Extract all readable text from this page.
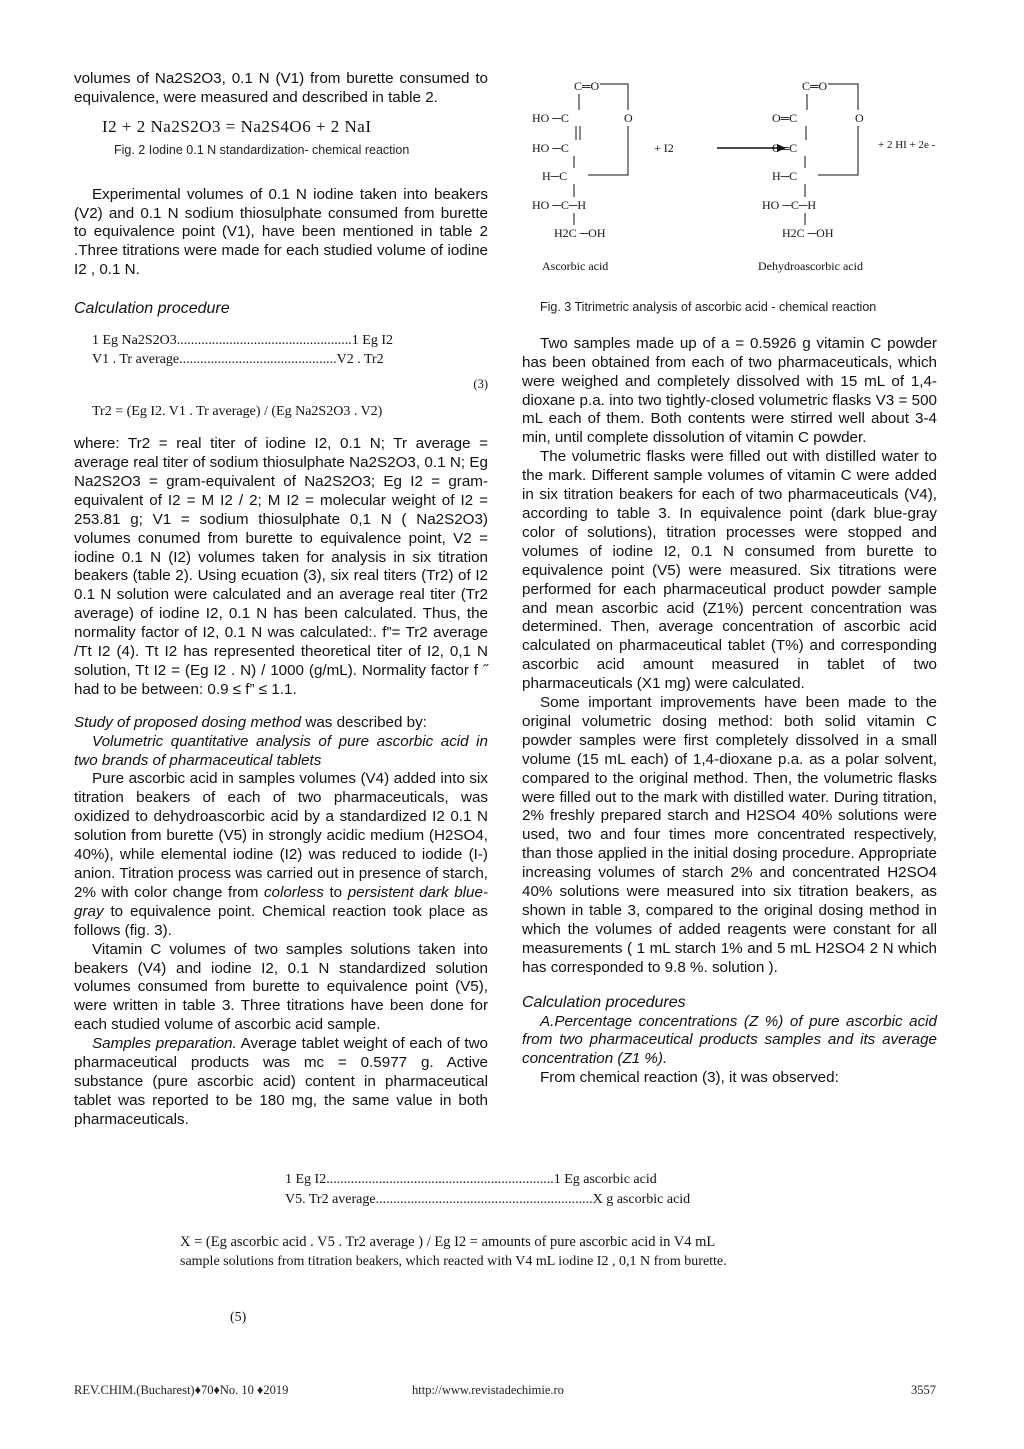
volumes of Na2S2O3, 0.1 N (V1) from burette consumed to equivalence, were measured and described in table 2.

I2 + 2 Na2S2O3 = Na2S4O6 + 2 NaI
Fig. 2 Iodine 0.1 N standardization- chemical reaction

Experimental volumes of 0.1 N iodine taken into beakers (V2) and 0.1 N sodium thiosulphate consumed from burette to equivalence point (V1), have been mentioned in table 2 .Three titrations were made for each studied volume of iodine I2 , 0.1 N.

Calculation procedure
1 Eg Na2S2O3..................................................1 Eg I2
V1 . Tr average.............................................V2 . Tr2
(3)
Tr2 = (Eg I2. V1 . Tr average) / (Eg Na2S2O3 . V2)

where: Tr2 = real titer of iodine I2, 0.1 N; Tr average = average real titer of sodium thiosulphate Na2S2O3, 0.1 N; Eg Na2S2O3 = gram-equivalent of Na2S2O3; Eg I2 = gram-equivalent of I2 = M I2 / 2; M I2 = molecular weight of I2 = 253.81 g; V1 = sodium thiosulphate 0,1 N ( Na2S2O3) volumes conumed from burette to equivalence point, V2 = iodine 0.1 N (I2) volumes taken for analysis in six titration beakers (table 2). Using ecuation (3), six real titers (Tr2) of I2 0.1 N solution were calculated and an average real titer (Tr2 average) of iodine I2, 0.1 N has been calculated. Thus, the normality factor of I2, 0.1 N was calculated:. f”= Tr2 average /Tt I2 (4). Tt I2 has represented theoretical titer of I2, 0,1 N solution, Tt I2 = (Eg I2 . N) / 1000 (g/mL). Normality factor f ˝ had to be between: 0.9 ≤ f” ≤ 1.1.

Study of proposed dosing method was described by:

Volumetric quantitative analysis of pure ascorbic acid in two brands of pharmaceutical tablets

Pure ascorbic acid in samples volumes (V4) added into six titration beakers of each of two pharmaceuticals, was oxidized to dehydroascorbic acid by a standardized I2 0.1 N solution from burette (V5) in strongly acidic medium (H2SO4, 40%), while elemental iodine (I2) was reduced to iodide (I-) anion. Titration process was carried out in presence of starch, 2% with color change from colorless to persistent dark blue-gray to equivalence point. Chemical reaction took place as follows (fig. 3).

Vitamin C volumes of two samples solutions taken into beakers (V4) and iodine I2, 0.1 N standardized solution volumes consumed from burette to equivalence point (V5), were written in table 3. Three titrations have been done for each studied volume of ascorbic acid sample.

Samples preparation. Average tablet weight of each of two pharmaceutical products was mc = 0.5977 g. Active substance (pure ascorbic acid) content in pharmaceutical tablet was reported to be 180 mg, the same value in both pharmaceuticals.

C═O
HO ─C	O
HO ─C
H─C
HO ─C─H
H2C ─OH
+ I2
C═O
O═C	O
O═C
H─C
HO ─C─H
H2C ─OH
+ 2 HI + 2e -
Ascorbic acid	Dehydroascorbic acid
Fig. 3 Titrimetric analysis of ascorbic acid - chemical reaction

Two samples made up of a = 0.5926 g vitamin C powder has been obtained from each of two pharmaceuticals, which were weighed and completely dissolved with 15 mL of 1,4-dioxane p.a. into two tightly-closed volumetric flasks V3 = 500 mL each of them. Both contents were stirred well about 3-4 min, until complete dissolution of vitamin C powder.

The volumetric flasks were filled out with distilled water to the mark. Different sample volumes of vitamin C were added in six titration beakers for each of two pharmaceuticals (V4), according to table 3. In equivalence point (dark blue-gray color of solutions), titration processes were stopped and volumes of iodine I2, 0.1 N consumed from burette to equivalence point (V5) were measured. Six titrations were performed for each pharmaceutical product powder sample and mean ascorbic acid (Z1%) percent concentration was determined. Then, average concentration of ascorbic acid calculated on pharmaceutical tablet (T%) and corresponding ascorbic acid amount measured in tablet of two pharmaceuticals (X1 mg) were calculated.

Some important improvements have been made to the original volumetric dosing method: both solid vitamin C powder samples were first completely dissolved in a small volume (15 mL each) of 1,4-dioxane p.a. as a polar solvent, compared to the original method. Then, the volumetric flasks were filled out to the mark with distilled water. During titration, 2% freshly prepared starch and H2SO4 40% solutions were used, two and four times more concentrated respectively, than those applied in the initial dosing procedure. Appropriate increasing volumes of starch 2% and concentrated H2SO4 40% solutions were measured into six titration beakers, as shown in table 3, compared to the original dosing method in which the volumes of added reagents were constant for all measurements ( 1 mL starch 1% and 5 mL H2SO4 2 N which has corresponded to 9.8 %. solution ).

Calculation procedures

A.Percentage concentrations (Z %) of pure ascorbic acid from two pharmaceutical products samples and its average concentration (Z1 %).

From chemical reaction (3), it was observed:

1 Eg I2.................................................................1 Eg ascorbic acid
V5. Tr2 average..............................................................X g ascorbic acid
X = (Eg ascorbic acid . V5 . Tr2 average ) / Eg I2 = amounts of pure ascorbic acid in V4 mL
sample solutions from titration beakers, which reacted with V4 mL iodine I2 , 0,1 N from burette.
(5)
REV.CHIM.(Bucharest)♦70♦No. 10 ♦2019	http://www.revistadechimie.ro	3557
